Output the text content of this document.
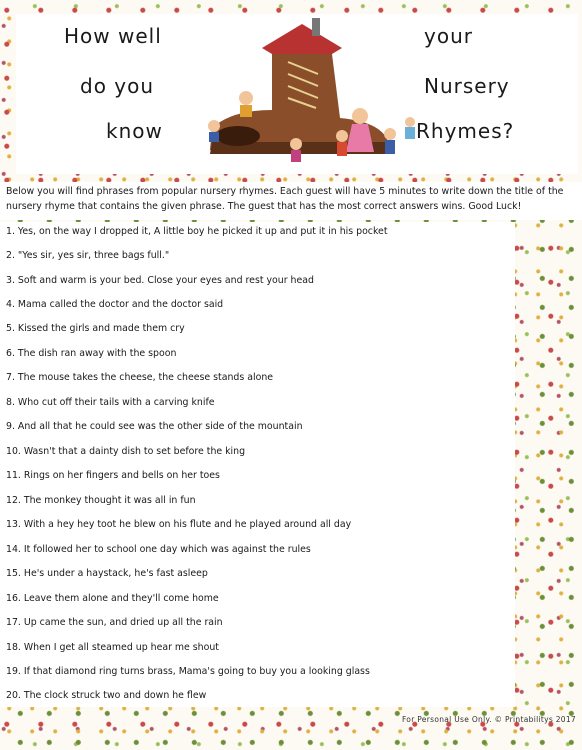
How well
do you
know
your
Nursery
Rhymes?

Below you will find phrases from popular nursery rhymes. Each guest will have 5 minutes to write down the title of the nursery rhyme that contains the given phrase. The guest that has the most correct answers wins. Good Luck!

1. Yes, on the way I dropped it, A little boy he picked it up and put it in his pocket
2. "Yes sir, yes sir, three bags full."
3. Soft and warm is your bed. Close your eyes and rest your head
4. Mama called the doctor and the doctor said
5. Kissed the girls and made them cry
6. The dish ran away with the spoon
7. The mouse takes the cheese, the cheese stands alone
8. Who cut off their tails with a carving knife
9. And all that he could see was the other side of the mountain
10. Wasn't that a dainty dish to set before the king
11. Rings on her fingers and bells on her toes
12. The monkey thought it was all in fun
13. With a hey hey toot he blew on his flute and he played around all day
14. It followed her to school one day which was against the rules
15. He's under a haystack, he's fast asleep
16. Leave them alone and they'll come home
17. Up came the sun, and dried up all the rain
18. When I get all steamed up hear me shout
19. If that diamond ring turns brass, Mama's going to buy you a looking glass
20. The clock struck two and down he flew
For Personal Use Only. © Printabilitys 2017
